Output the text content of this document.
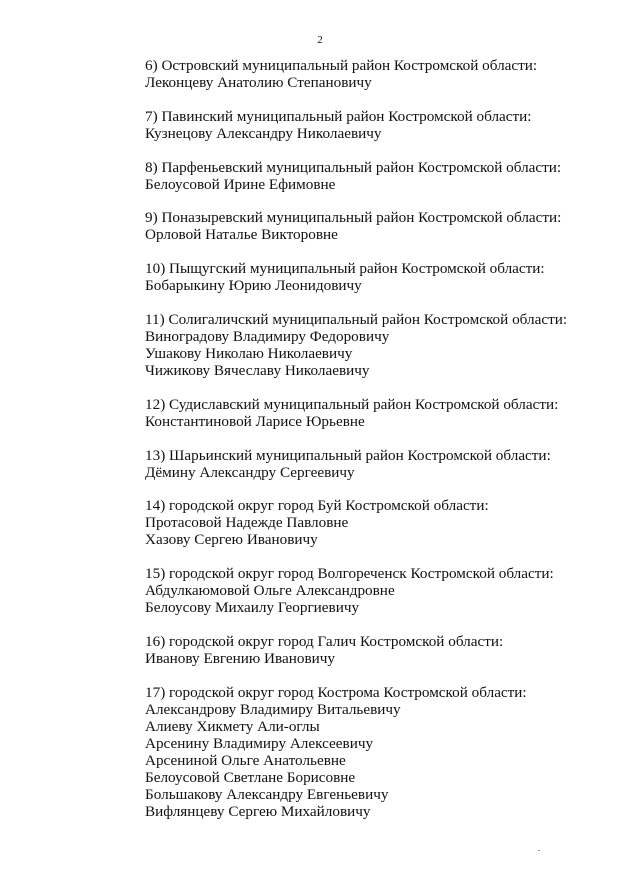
2
6) Островский муниципальный район Костромской области:
Леконцеву Анатолию Степановичу
7) Павинский муниципальный район Костромской области:
Кузнецову Александру Николаевичу
8) Парфеньевский муниципальный район Костромской области:
Белоусовой Ирине Ефимовне
9) Поназыревский муниципальный район Костромской области:
Орловой Наталье Викторовне
10) Пыщугский муниципальный район Костромской области:
Бобарыкину Юрию Леонидовичу
11) Солигаличский муниципальный район Костромской области:
Виноградову Владимиру Федоровичу
Ушакову Николаю Николаевичу
Чижикову Вячеславу Николаевичу
12) Судиславский муниципальный район Костромской области:
Константиновой Ларисе Юрьевне
13) Шарьинский муниципальный район Костромской области:
Дёмину Александру Сергеевичу
14) городской округ город Буй Костромской области:
Протасовой Надежде Павловне
Хазову Сергею Ивановичу
15) городской округ город Волгореченск Костромской области:
Абдулкаюмовой Ольге Александровне
Белоусову Михаилу Георгиевичу
16) городской округ город Галич Костромской области:
Иванову Евгению Ивановичу
17) городской округ город Кострома Костромской области:
Александрову Владимиру Витальевичу
Алиеву Хикмету Али-оглы
Арсенину Владимиру Алексеевичу
Арсениной Ольге Анатольевне
Белоусовой Светлане Борисовне
Большакову Александру Евгеньевичу
Вифлянцеву Сергею Михайловичу
